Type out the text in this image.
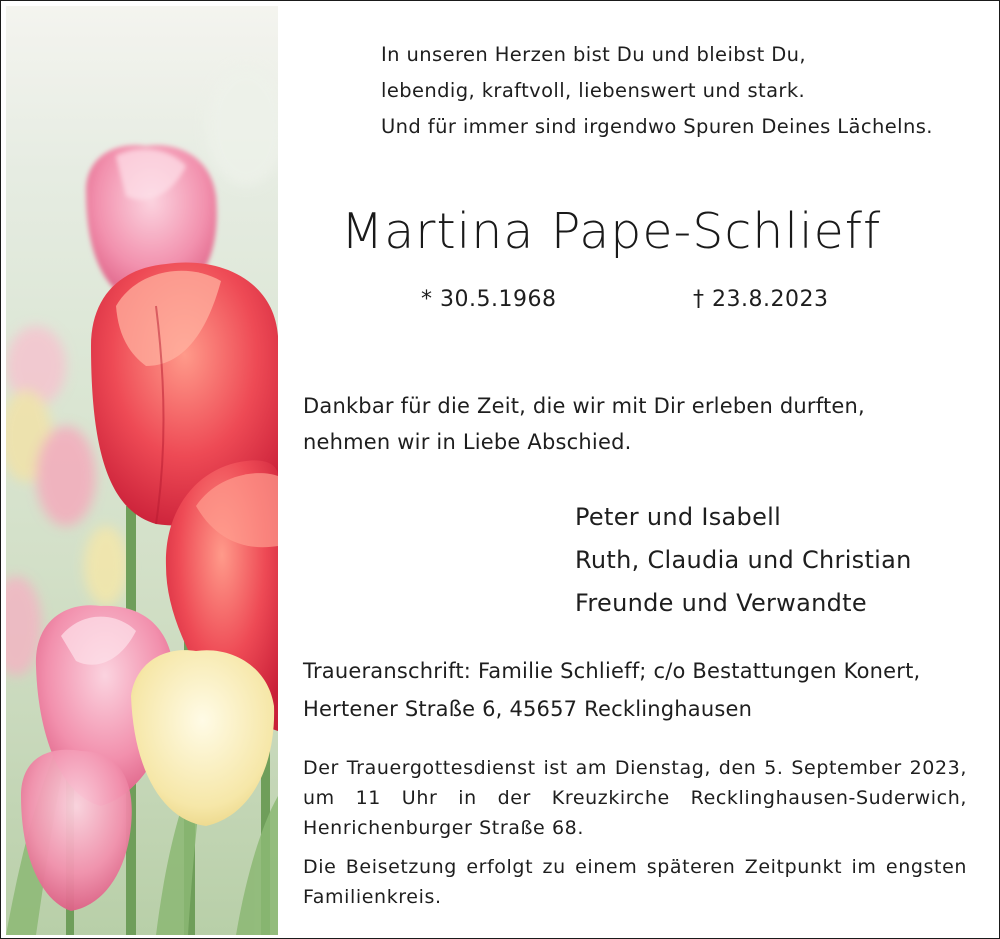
In unseren Herzen bist Du und bleibst Du,
lebendig, kraftvoll, liebenswert und stark.
Und für immer sind irgendwo Spuren Deines Lächelns.
Martina Pape-Schlieff
* 30.5.1968	† 23.8.2023
Dankbar für die Zeit, die wir mit Dir erleben durften,
nehmen wir in Liebe Abschied.
Peter und Isabell
Ruth, Claudia und Christian
Freunde und Verwandte
Traueranschrift: Familie Schlieff; c/o Bestattungen Konert,
Hertener Straße 6, 45657 Recklinghausen
Der Trauergottesdienst ist am Dienstag, den 5. September 2023,
um 11 Uhr in der Kreuzkirche Recklinghausen-Suderwich,
Henrichenburger Straße 68.
Die Beisetzung erfolgt zu einem späteren Zeitpunkt im engsten
Familienkreis.
